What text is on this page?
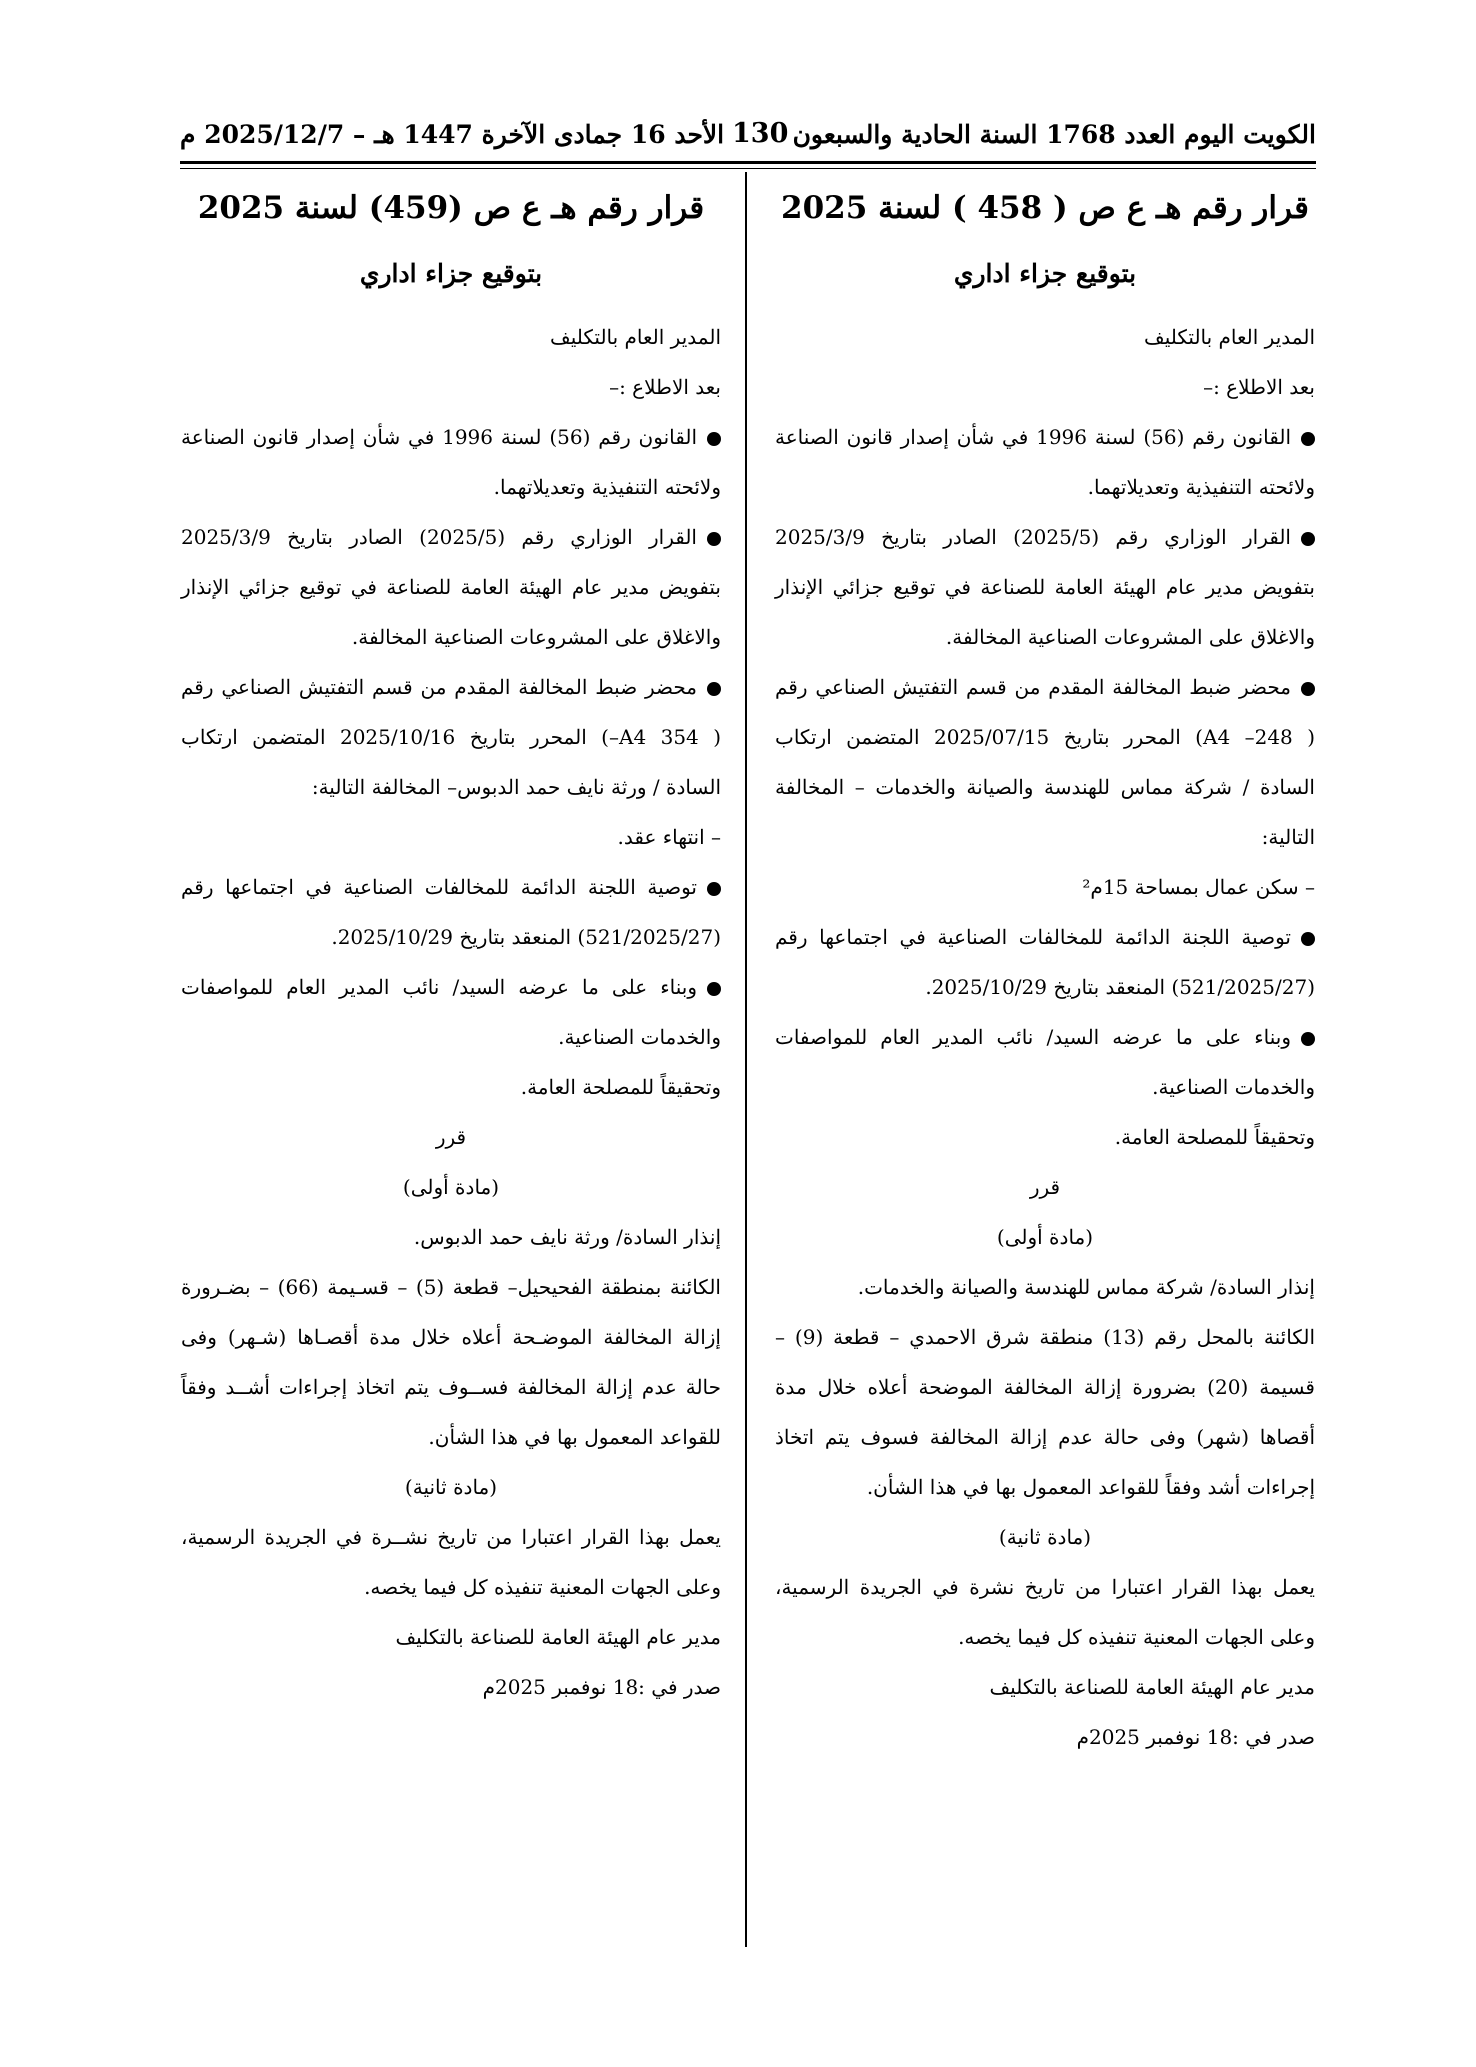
الكويت اليوم العدد 1768 السنة الحادية والسبعون
130
الأحد 16 جمادى الآخرة 1447 هـ – 2025/12/7 م
قرار رقم هـ ع ص ( 458 ) لسنة 2025
بتوقيع جزاء اداري
المدير العام بالتكليف
بعد الاطلاع :–
القانون رقم (56) لسنة 1996 في شأن إصدار قانون الصناعة ولائحته التنفيذية وتعديلاتهما.
القرار الوزاري رقم (2025/5) الصادر بتاريخ 2025/3/9 بتفويض مدير عام الهيئة العامة للصناعة في توقيع جزائي الإنذار والاغلاق على المشروعات الصناعية المخالفة.
محضر ضبط المخالفة المقدم من قسم التفتيش الصناعي رقم ( A4 –248) المحرر بتاريخ 2025/07/15 المتضمن ارتكاب السادة / شركة مماس للهندسة والصيانة والخدمات – المخالفة التالية:
– سكن عمال بمساحة 15م²
توصية اللجنة الدائمة للمخالفات الصناعية في اجتماعها رقم (521/2025/27) المنعقد بتاريخ 2025/10/29.
وبناء على ما عرضه السيد/ نائب المدير العام للمواصفات والخدمات الصناعية.
وتحقيقاً للمصلحة العامة.
قرر
(مادة أولى)
إنذار السادة/ شركة مماس للهندسة والصيانة والخدمات.
الكائنة بالمحل رقم (13) منطقة شرق الاحمدي – قطعة (9) – قسيمة (20) بضرورة إزالة المخالفة الموضحة أعلاه خلال مدة أقصاها (شهر) وفى حالة عدم إزالة المخالفة فسوف يتم اتخاذ إجراءات أشد وفقاً للقواعد المعمول بها في هذا الشأن.
(مادة ثانية)
يعمل بهذا القرار اعتبارا من تاريخ نشرة في الجريدة الرسمية، وعلى الجهات المعنية تنفيذه كل فيما يخصه.
مدير عام الهيئة العامة للصناعة بالتكليف
صدر في :18 نوفمبر 2025م
قرار رقم هـ ع ص (459) لسنة 2025
بتوقيع جزاء اداري
المدير العام بالتكليف
بعد الاطلاع :–
القانون رقم (56) لسنة 1996 في شأن إصدار قانون الصناعة ولائحته التنفيذية وتعديلاتهما.
القرار الوزاري رقم (2025/5) الصادر بتاريخ 2025/3/9 بتفويض مدير عام الهيئة العامة للصناعة في توقيع جزائي الإنذار والاغلاق على المشروعات الصناعية المخالفة.
محضر ضبط المخالفة المقدم من قسم التفتيش الصناعي رقم ( A4 354–) المحرر بتاريخ 2025/10/16 المتضمن ارتكاب السادة / ورثة نايف حمد الدبوس– المخالفة التالية:
– انتهاء عقد.
توصية اللجنة الدائمة للمخالفات الصناعية في اجتماعها رقم (521/2025/27) المنعقد بتاريخ 2025/10/29.
وبناء على ما عرضه السيد/ نائب المدير العام للمواصفات والخدمات الصناعية.
وتحقيقاً للمصلحة العامة.
قرر
(مادة أولى)
إنذار السادة/ ورثة نايف حمد الدبوس.
الكائنة بمنطقة الفحيحيل– قطعة (5) – قسـيمة (66) – بضـرورة إزالة المخالفة الموضـحة أعلاه خلال مدة أقصـاها (شـهر) وفى حالة عدم إزالة المخالفة فســوف يتم اتخاذ إجراءات أشــد وفقاً للقواعد المعمول بها في هذا الشأن.
(مادة ثانية)
يعمل بهذا القرار اعتبارا من تاريخ نشــرة في الجريدة الرسمية، وعلى الجهات المعنية تنفيذه كل فيما يخصه.
مدير عام الهيئة العامة للصناعة بالتكليف
صدر في :18 نوفمبر 2025م
